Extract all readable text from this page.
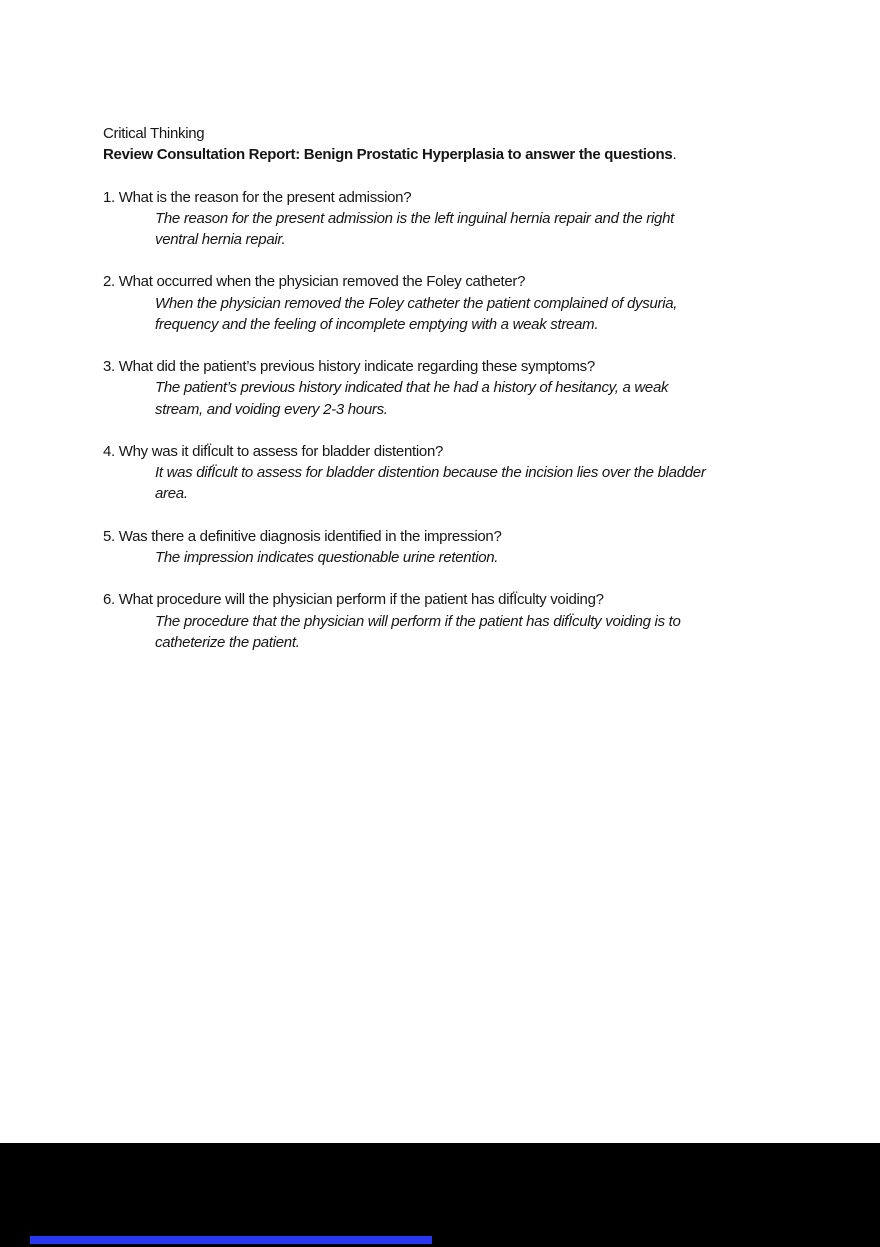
Critical Thinking
Review Consultation Report: Benign Prostatic Hyperplasia to answer the questions.
1. What is the reason for the present admission?
The reason for the present admission is the left inguinal hernia repair and the right
ventral hernia repair.
2. What occurred when the physician removed the Foley catheter?
When the physician removed the Foley catheter the patient complained of dysuria,
frequency and the feeling of incomplete emptying with a weak stream.
3. What did the patient’s previous history indicate regarding these symptoms?
The patient’s previous history indicated that he had a history of hesitancy, a weak
stream, and voiding every 2-3 hours.
4. Why was it difÏcult to assess for bladder distention?
It was difÏcult to assess for bladder distention because the incision lies over the bladder
area.
5. Was there a definitive diagnosis identified in the impression?
The impression indicates questionable urine retention.
6. What procedure will the physician perform if the patient has difÏculty voiding?
The procedure that the physician will perform if the patient has difÏculty voiding is to
catheterize the patient.
